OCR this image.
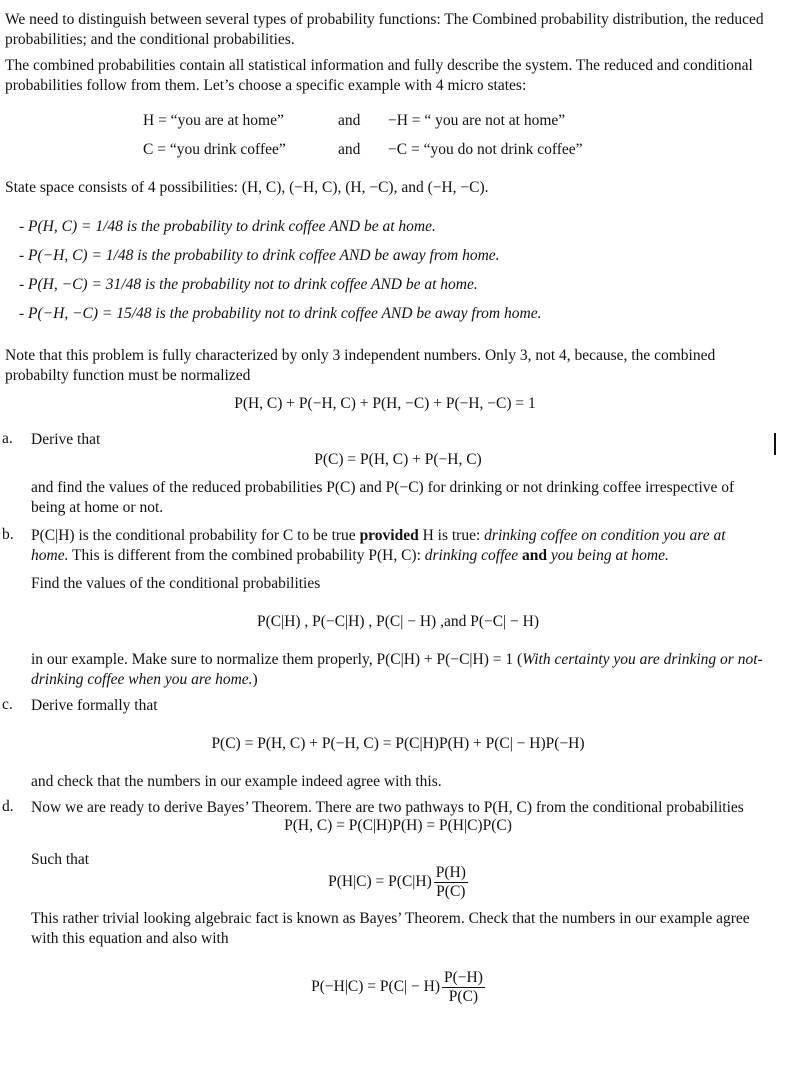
We need to distinguish between several types of probability functions: The Combined probability distribution, the reduced probabilities; and the conditional probabilities.

The combined probabilities contain all statistical information and fully describe the system. The reduced and conditional probabilities follow from them. Let’s choose a specific example with 4 micro states:

H = “you are at home”	and	−H = “ you are not at home”
C = “you drink coffee”	and	−C = “you do not drink coffee”

State space consists of 4 possibilities: (H, C), (−H, C), (H, −C), and (−H, −C).

- P(H, C) = 1/48 is the probability to drink coffee AND be at home.
- P(−H, C) = 1/48 is the probability to drink coffee AND be away from home.
- P(H, −C) = 31/48 is the probability not to drink coffee AND be at home.
- P(−H, −C) = 15/48 is the probability not to drink coffee AND be away from home.

Note that this problem is fully characterized by only 3 independent numbers. Only 3, not 4, because, the combined probabilty function must be normalized

P(H, C) + P(−H, C) + P(H, −C) + P(−H, −C) = 1

a. Derive that

P(C) = P(H, C) + P(−H, C)

and find the values of the reduced probabilities P(C) and P(−C) for drinking or not drinking coffee irrespective of being at home or not.

b. P(C|H) is the conditional probability for C to be true provided H is true: drinking coffee on condition you are at home. This is different from the combined probability P(H, C): drinking coffee and you being at home.

Find the values of the conditional probabilities

P(C|H) , P(−C|H) , P(C| − H) ,and P(−C| − H)

in our example. Make sure to normalize them properly, P(C|H) + P(−C|H) = 1 (With certainty you are drinking or not-drinking coffee when you are home.)

c. Derive formally that

P(C) = P(H, C) + P(−H, C) = P(C|H)P(H) + P(C| − H)P(−H)

and check that the numbers in our example indeed agree with this.

d. Now we are ready to derive Bayes’ Theorem. There are two pathways to P(H, C) from the conditional probabilities

P(H, C) = P(C|H)P(H) = P(H|C)P(C)

Such that

$P(H|C) = P(C|H) \frac{P(H)}{P(C)}$

This rather trivial looking algebraic fact is known as Bayes’ Theorem. Check that the numbers in our example agree with this equation and also with

$P(-H|C) = P(C| - H) \frac{P(-H)}{P(C)}$
